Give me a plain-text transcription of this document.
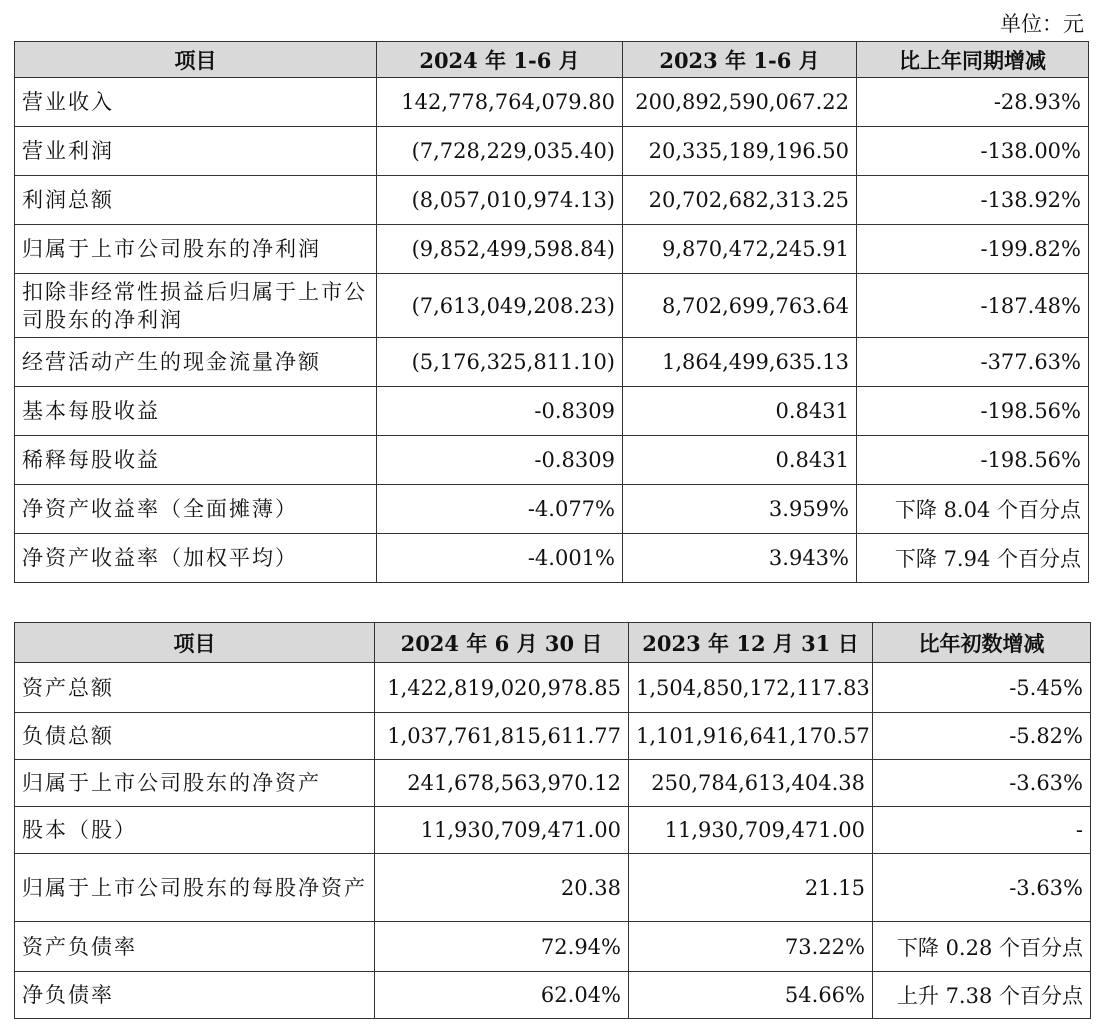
单位：元
项目	2024 年 1-6 月	2023 年 1-6 月	比上年同期增减
营业收入	142,778,764,079.80	200,892,590,067.22	-28.93%
营业利润	(7,728,229,035.40)	20,335,189,196.50	-138.00%
利润总额	(8,057,010,974.13)	20,702,682,313.25	-138.92%
归属于上市公司股东的净利润	(9,852,499,598.84)	9,870,472,245.91	-199.82%
扣除非经常性损益后归属于上市公司股东的净利润	(7,613,049,208.23)	8,702,699,763.64	-187.48%
经营活动产生的现金流量净额	(5,176,325,811.10)	1,864,499,635.13	-377.63%
基本每股收益	-0.8309	0.8431	-198.56%
稀释每股收益	-0.8309	0.8431	-198.56%
净资产收益率（全面摊薄）	-4.077%	3.959%	下降 8.04 个百分点
净资产收益率（加权平均）	-4.001%	3.943%	下降 7.94 个百分点
项目	2024 年 6 月 30 日	2023 年 12 月 31 日	比年初数增减
资产总额	1,422,819,020,978.85	1,504,850,172,117.83	-5.45%
负债总额	1,037,761,815,611.77	1,101,916,641,170.57	-5.82%
归属于上市公司股东的净资产	241,678,563,970.12	250,784,613,404.38	-3.63%
股本（股）	11,930,709,471.00	11,930,709,471.00	-
归属于上市公司股东的每股净资产	20.38	21.15	-3.63%
资产负债率	72.94%	73.22%	下降 0.28 个百分点
净负债率	62.04%	54.66%	上升 7.38 个百分点
